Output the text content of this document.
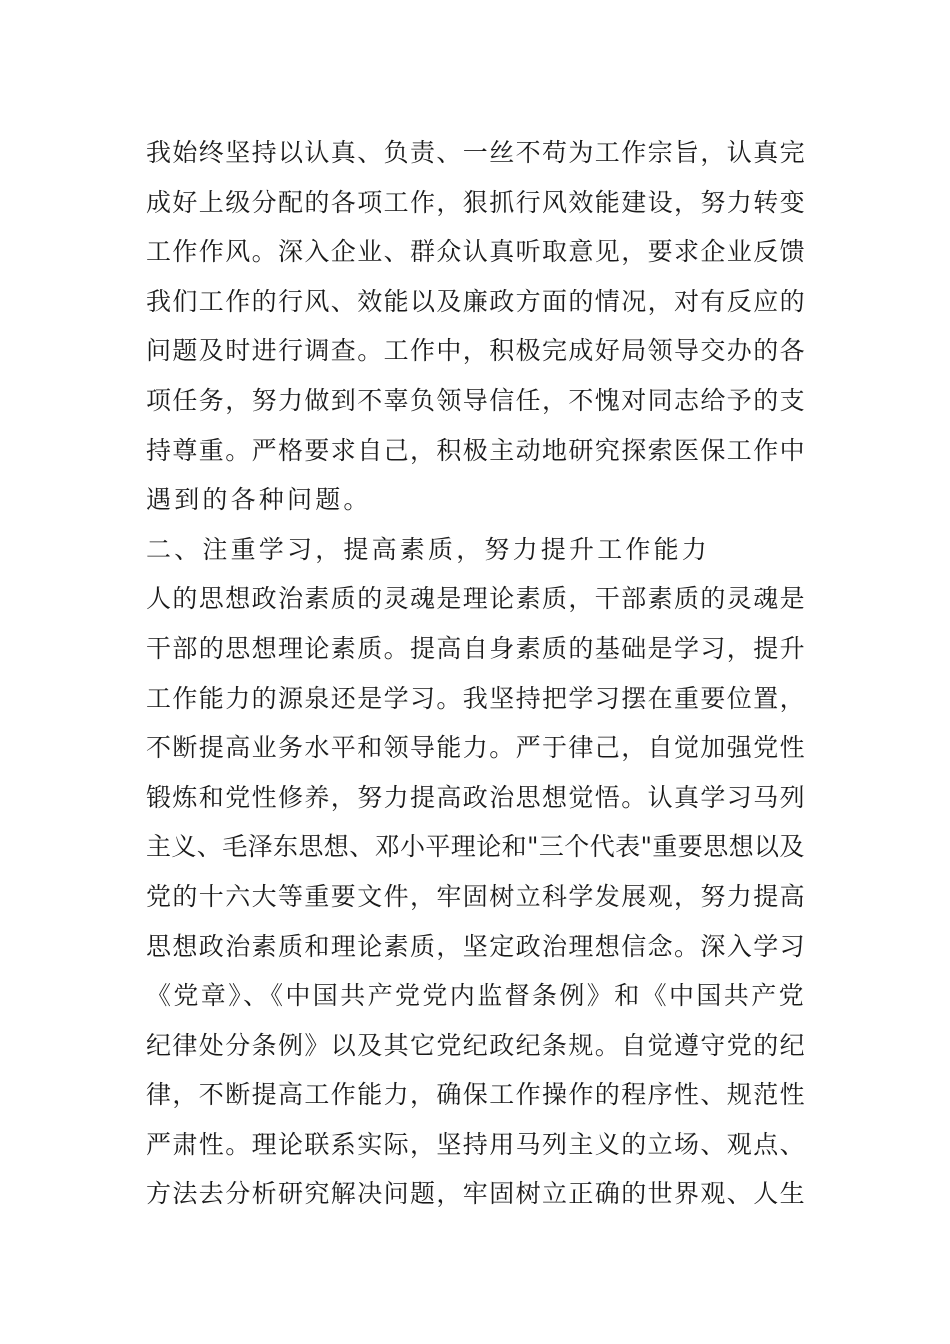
我始终坚持以认真、负责、一丝不苟为工作宗旨，认真完
成好上级分配的各项工作，狠抓行风效能建设，努力转变
工作作风。深入企业、群众认真听取意见，要求企业反馈
我们工作的行风、效能以及廉政方面的情况，对有反应的
问题及时进行调查。工作中，积极完成好局领导交办的各
项任务，努力做到不辜负领导信任，不愧对同志给予的支
持尊重。严格要求自己，积极主动地研究探索医保工作中
遇到的各种问题。
二、注重学习，提高素质，努力提升工作能力
人的思想政治素质的灵魂是理论素质，干部素质的灵魂是
干部的思想理论素质。提高自身素质的基础是学习，提升
工作能力的源泉还是学习。我坚持把学习摆在重要位置，
不断提高业务水平和领导能力。严于律己，自觉加强党性
锻炼和党性修养，努力提高政治思想觉悟。认真学习马列
主义、毛泽东思想、邓小平理论和"三个代表"重要思想以及
党的十六大等重要文件，牢固树立科学发展观，努力提高
思想政治素质和理论素质，坚定政治理想信念。深入学习
《党章》、《中国共产党党内监督条例》和《中国共产党
纪律处分条例》以及其它党纪政纪条规。自觉遵守党的纪
律，不断提高工作能力，确保工作操作的程序性、规范性
严肃性。理论联系实际，坚持用马列主义的立场、观点、
方法去分析研究解决问题，牢固树立正确的世界观、人生
